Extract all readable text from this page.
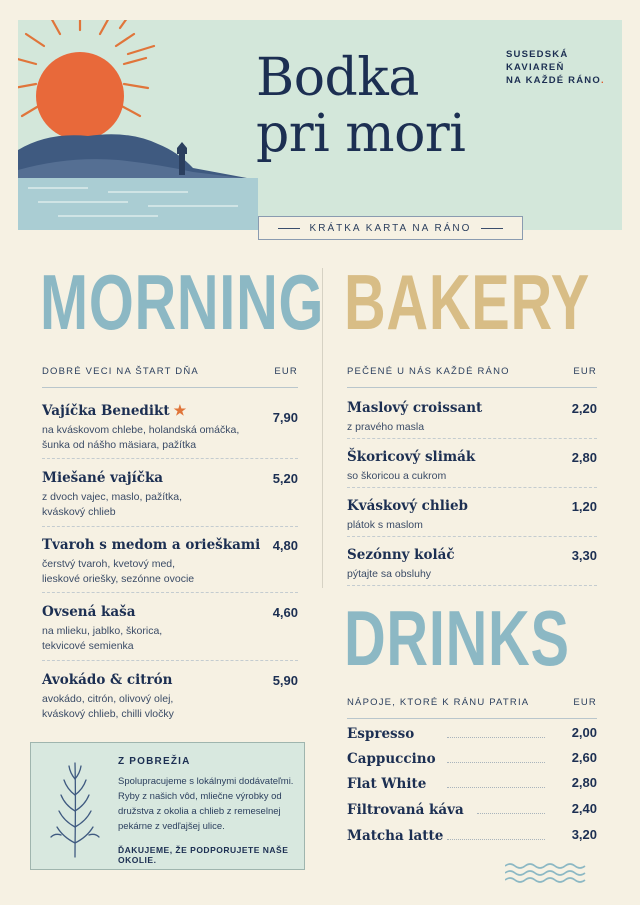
Bodka
pri mori
SUSEDSKÁ
KAVIAREŇ
NA KAŽDÉ RÁNO.
KRÁTKA KARTA NA RÁNO
MORNING
DOBRÉ VECI NA ŠTART DŇA	EUR
Vajíčka Benedikt ★
na kváskovom chlebe, holandská omáčka,
šunka od nášho mäsiara, pažítka
7,90
Miešané vajíčka
z dvoch vajec, maslo, pažítka,
kváskový chlieb
5,20
Tvaroh s medom a orieškami
čerstvý tvaroh, kvetový med,
lieskové oriešky, sezónne ovocie
4,80
Ovsená kaša
na mlieku, jablko, škorica,
tekvicové semienka
4,60
Avokádo & citrón
avokádo, citrón, olivový olej,
kváskový chlieb, chilli vločky
5,90
Z POBREŽIA
Spolupracujeme s lokálnymi dodávateľmi.
Ryby z našich vôd, mliečne výrobky od
družstva z okolia a chlieb z remeselnej
pekárne z vedľajšej ulice.
ĎAKUJEME, ŽE PODPORUJETE NAŠE OKOLIE.
BAKERY
PEČENÉ U NÁS KAŽDÉ RÁNO	EUR
Maslový croissant
z pravého masla
2,20
Škoricový slimák
so škoricou a cukrom
2,80
Kváskový chlieb
plátok s maslom
1,20
Sezónny koláč
pýtajte sa obsluhy
3,30
DRINKS
NÁPOJE, KTORÉ K RÁNU PATRIA	EUR
Espresso	2,00
Cappuccino	2,60
Flat White	2,80
Filtrovaná káva	2,40
Matcha latte	3,20
